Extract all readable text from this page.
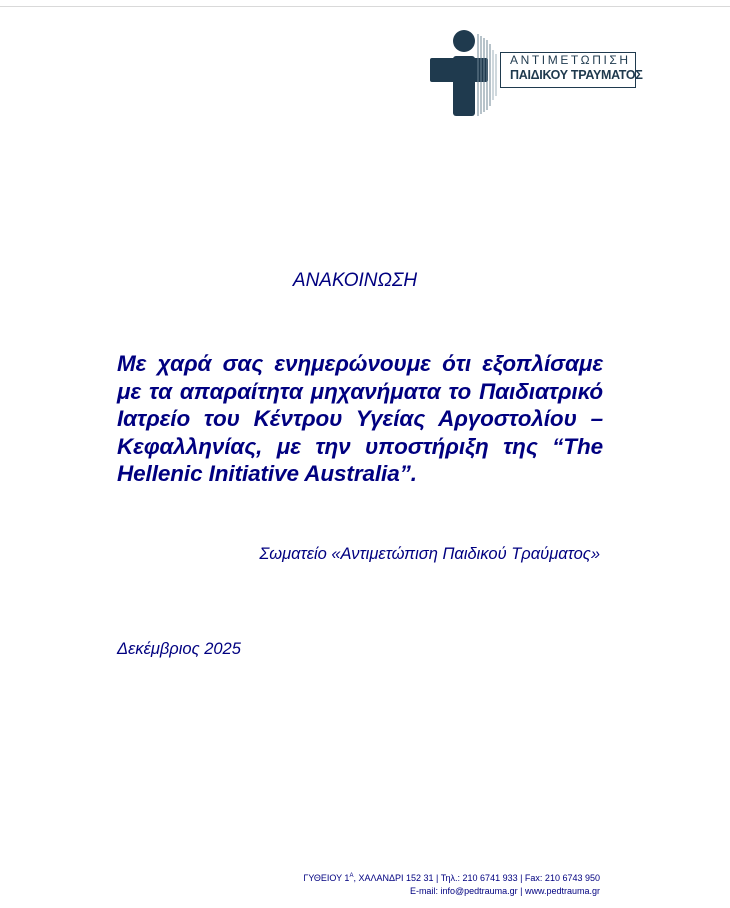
ΑΝΤΙΜΕΤΩΠΙΣΗ
ΠΑΙΔΙΚΟΥ ΤΡΑΥΜΑΤΟΣ
ΑΝΑΚΟΙΝΩΣΗ
Με χαρά σας ενημερώνουμε ότι εξοπλίσαμε με τα απαραίτητα μηχανήματα το Παιδιατρικό Ιατρείο του Κέντρου Υγείας Αργοστολίου – Κεφαλληνίας, με την υποστήριξη της “The Hellenic Initiative Australia”.
Σωματείο «Αντιμετώπιση Παιδικού Τραύματος»
Δεκέμβριος 2025
ΓΥΘΕΙΟΥ $1^A$, ΧΑΛΑΝΔΡΙ 152 31 | Τηλ.: 210 6741 933 | Fax: 210 6743 950
E-mail: info@pedtrauma.gr | www.pedtrauma.gr
